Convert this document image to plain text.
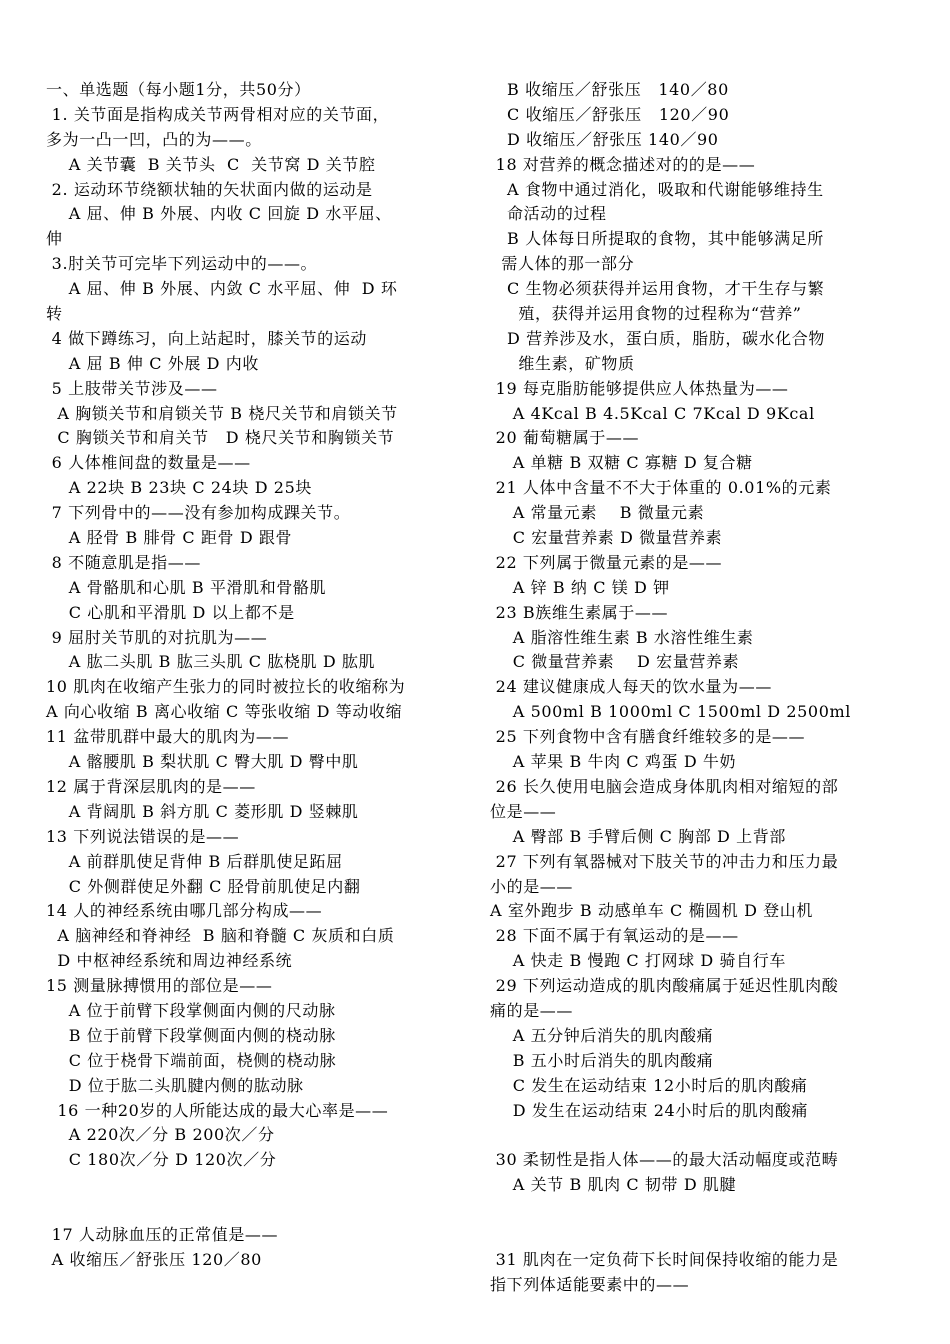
一、单选题（每小题1分，共50分）
1. 关节面是指构成关节两骨相对应的关节面，
多为一凸一凹，凸的为——。
A 关节囊  B 关节头  C  关节窝 D 关节腔
2. 运动环节绕额状轴的矢状面内做的运动是
A 屈、伸 B 外展、内收 C 回旋 D 水平屈、
伸
3.肘关节可完毕下列运动中的——。
A 屈、伸 B 外展、内敛 C 水平屈、伸  D 环
转
4 做下蹲练习，向上站起时，膝关节的运动
A 屈 B 伸 C 外展 D 内收
5 上肢带关节涉及——
A 胸锁关节和肩锁关节 B 桡尺关节和肩锁关节
C 胸锁关节和肩关节   D 桡尺关节和胸锁关节
6 人体椎间盘的数量是——
A 22块 B 23块 C 24块 D 25块
7 下列骨中的——没有参加构成踝关节。
A 胫骨 B 腓骨 C 距骨 D 跟骨
8 不随意肌是指——
A 骨骼肌和心肌 B 平滑肌和骨骼肌
C 心肌和平滑肌 D 以上都不是
9 屈肘关节肌的对抗肌为——
A 肱二头肌 B 肱三头肌 C 肱桡肌 D 肱肌
10 肌肉在收缩产生张力的同时被拉长的收缩称为
A 向心收缩 B 离心收缩 C 等张收缩 D 等动收缩
11 盆带肌群中最大的肌肉为——
A 髂腰肌 B 梨状肌 C 臀大肌 D 臀中肌
12 属于背深层肌肉的是——
A 背阔肌 B 斜方肌 C 菱形肌 D 竖棘肌
13 下列说法错误的是——
A 前群肌使足背伸 B 后群肌使足跖屈
C 外侧群使足外翻 C 胫骨前肌使足内翻
14 人的神经系统由哪几部分构成——
A 脑神经和脊神经  B 脑和脊髓 C 灰质和白质
D 中枢神经系统和周边神经系统
15 测量脉搏惯用的部位是——
A 位于前臂下段掌侧面内侧的尺动脉
B 位于前臂下段掌侧面内侧的桡动脉
C 位于桡骨下端前面，桡侧的桡动脉
D 位于肱二头肌腱内侧的肱动脉
16 一种20岁的人所能达成的最大心率是——
A 220次／分 B 200次／分
C 180次／分 D 120次／分
17 人动脉血压的正常值是——
A 收缩压／舒张压 120／80
B 收缩压／舒张压   140／80
C 收缩压／舒张压   120／90
D 收缩压／舒张压 140／90
18 对营养的概念描述对的的是——
A 食物中通过消化，吸取和代谢能够维持生
命活动的过程
B 人体每日所提取的食物，其中能够满足所
需人体的那一部分
C 生物必须获得并运用食物，才干生存与繁
殖，获得并运用食物的过程称为“营养”
D 营养涉及水，蛋白质，脂肪，碳水化合物
维生素，矿物质
19 每克脂肪能够提供应人体热量为——
A 4Kcal B 4.5Kcal C 7Kcal D 9Kcal
20 葡萄糖属于——
A 单糖 B 双糖 C 寡糖 D 复合糖
21 人体中含量不不大于体重的 0.01%的元素
A 常量元素    B 微量元素
C 宏量营养素 D 微量营养素
22 下列属于微量元素的是——
A 锌 B 纳 C 镁 D 钾
23 B族维生素属于——
A 脂溶性维生素 B 水溶性维生素
C 微量营养素    D 宏量营养素
24 建议健康成人每天的饮水量为——
A 500ml B 1000ml C 1500ml D 2500ml
25 下列食物中含有膳食纤维较多的是——
A 苹果 B 牛肉 C 鸡蛋 D 牛奶
26 长久使用电脑会造成身体肌肉相对缩短的部
位是——
A 臀部 B 手臂后侧 C 胸部 D 上背部
27 下列有氧器械对下肢关节的冲击力和压力最
小的是——
A 室外跑步 B 动感单车 C 椭圆机 D 登山机
28 下面不属于有氧运动的是——
A 快走 B 慢跑 C 打网球 D 骑自行车
29 下列运动造成的肌肉酸痛属于延迟性肌肉酸
痛的是——
A 五分钟后消失的肌肉酸痛
B 五小时后消失的肌肉酸痛
C 发生在运动结束 12小时后的肌肉酸痛
D 发生在运动结束 24小时后的肌肉酸痛
30 柔韧性是指人体——的最大活动幅度或范畴
A 关节 B 肌肉 C 韧带 D 肌腱
31 肌肉在一定负荷下长时间保持收缩的能力是
指下列体适能要素中的——
